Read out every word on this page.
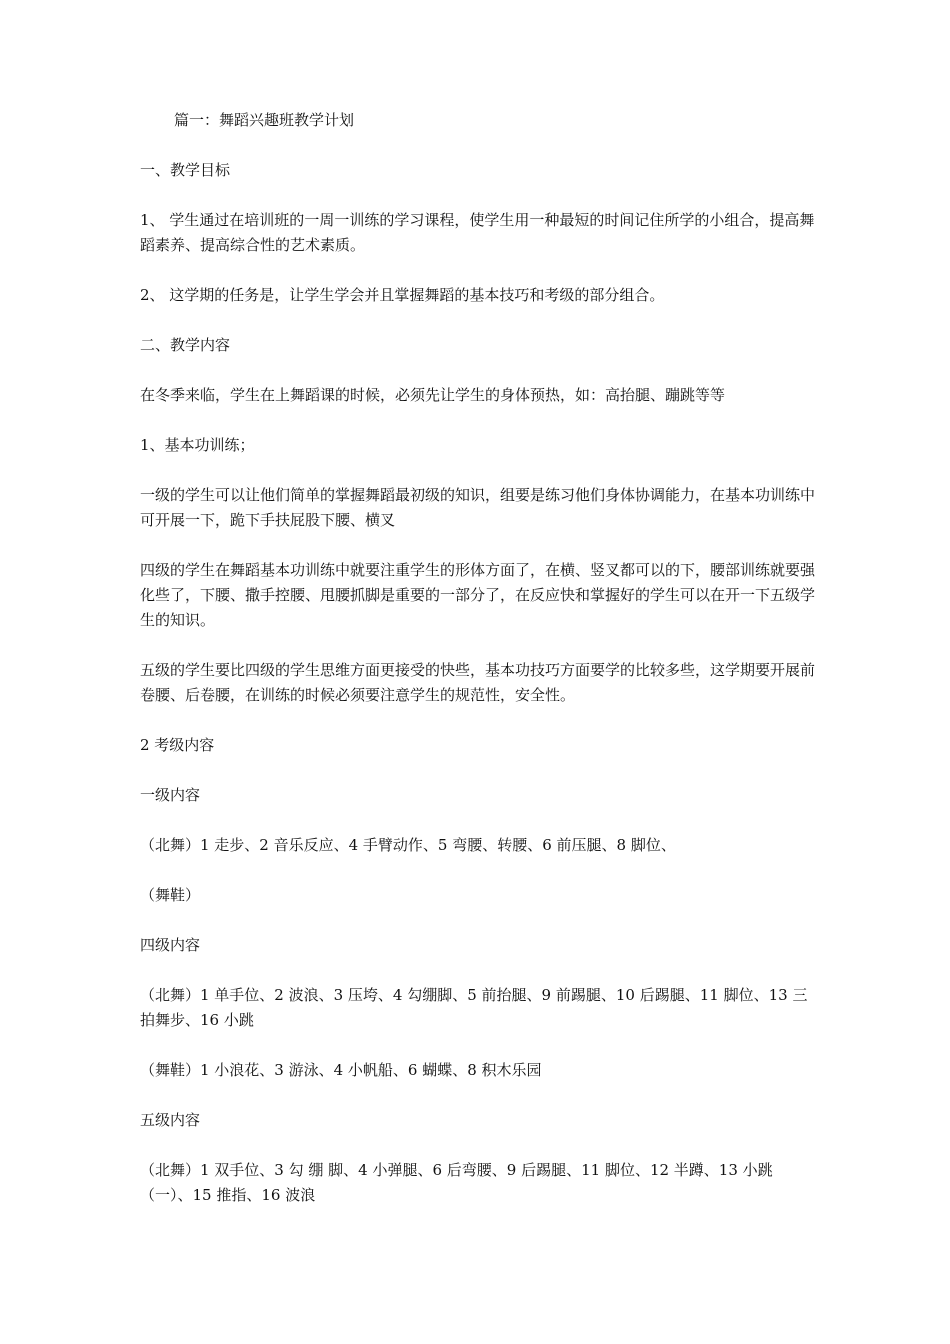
篇一：舞蹈兴趣班教学计划
一、教学目标
1、 学生通过在培训班的一周一训练的学习课程，使学生用一种最短的时间记住所学的小组合，提高舞蹈素养、提高综合性的艺术素质。
2、 这学期的任务是，让学生学会并且掌握舞蹈的基本技巧和考级的部分组合。
二、教学内容
在冬季来临，学生在上舞蹈课的时候，必须先让学生的身体预热，如：高抬腿、蹦跳等等
1、基本功训练；
一级的学生可以让他们简单的掌握舞蹈最初级的知识，组要是练习他们身体协调能力，在基本功训练中可开展一下，跪下手扶屁股下腰、横叉
四级的学生在舞蹈基本功训练中就要注重学生的形体方面了，在横、竖叉都可以的下，腰部训练就要强化些了，下腰、撒手控腰、甩腰抓脚是重要的一部分了，在反应快和掌握好的学生可以在开一下五级学生的知识。
五级的学生要比四级的学生思维方面更接受的快些，基本功技巧方面要学的比较多些，这学期要开展前卷腰、后卷腰，在训练的时候必须要注意学生的规范性，安全性。
2 考级内容
一级内容
（北舞）1 走步、2 音乐反应、4 手臂动作、5 弯腰、转腰、6 前压腿、8 脚位、
（舞鞋）
四级内容
（北舞）1 单手位、2 波浪、3 压垮、4 勾绷脚、5 前抬腿、9 前踢腿、10 后踢腿、11 脚位、13 三拍舞步、16 小跳
（舞鞋）1 小浪花、3 游泳、4 小帆船、6 蝴蝶、8 积木乐园
五级内容
（北舞）1 双手位、3 勾 绷 脚、4 小弹腿、6 后弯腰、9 后踢腿、11 脚位、12 半蹲、13 小跳（一）、15 推指、16 波浪
